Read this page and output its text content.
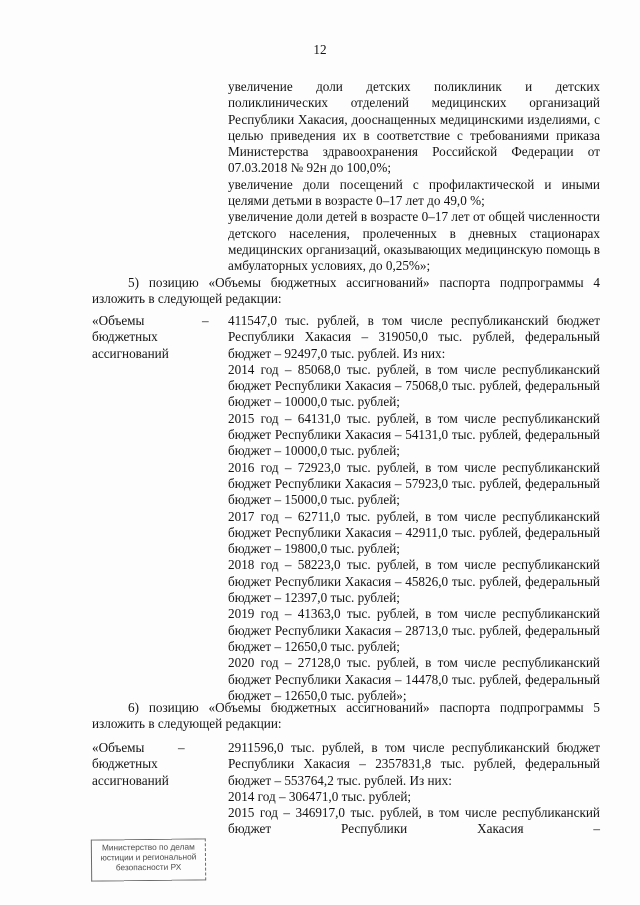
12

увеличение доли детских поликлиник и детских поликлинических отделений медицинских организаций Республики Хакасия, дооснащенных медицинскими изделиями, с целью приведения их в соответствие с требованиями приказа Министерства здравоохранения Российской Федерации от 07.03.2018 № 92н до 100,0%;

увеличение доли посещений с профилактической и иными целями детьми в возрасте 0–17 лет до 49,0 %;

увеличение доли детей в возрасте 0–17 лет от общей численности детского населения, пролеченных в дневных стационарах медицинских организаций, оказывающих медицинскую помощь в амбулаторных условиях, до 0,25%»;

5) позицию «Объемы бюджетных ассигнований» паспорта подпрограммы 4 изложить в следующей редакции:

«Объемы бюджетных ассигнований
– 411547,0 тыс. рублей, в том числе республиканский бюджет Республики Хакасия – 319050,0 тыс. рублей, федеральный бюджет – 92497,0 тыс. рублей. Из них:

2014 год – 85068,0 тыс. рублей, в том числе республиканский бюджет Республики Хакасия – 75068,0 тыс. рублей, федеральный бюджет – 10000,0 тыс. рублей;

2015 год – 64131,0 тыс. рублей, в том числе республиканский бюджет Республики Хакасия – 54131,0 тыс. рублей, федеральный бюджет – 10000,0 тыс. рублей;

2016 год – 72923,0 тыс. рублей, в том числе республиканский бюджет Республики Хакасия – 57923,0 тыс. рублей, федеральный бюджет – 15000,0 тыс. рублей;

2017 год – 62711,0 тыс. рублей, в том числе республиканский бюджет Республики Хакасия – 42911,0 тыс. рублей, федеральный бюджет – 19800,0 тыс. рублей;

2018 год – 58223,0 тыс. рублей, в том числе республиканский бюджет Республики Хакасия – 45826,0 тыс. рублей, федеральный бюджет – 12397,0 тыс. рублей;

2019 год – 41363,0 тыс. рублей, в том числе республиканский бюджет Республики Хакасия – 28713,0 тыс. рублей, федеральный бюджет – 12650,0 тыс. рублей;

2020 год – 27128,0 тыс. рублей, в том числе республиканский бюджет Республики Хакасия – 14478,0 тыс. рублей, федеральный бюджет – 12650,0 тыс. рублей»;

6) позицию «Объемы бюджетных ассигнований» паспорта подпрограммы 5 изложить в следующей редакции:

«Объемы бюджетных ассигнований
–	2911596,0 тыс. рублей, в том числе республиканский бюджет Республики Хакасия – 2357831,8 тыс. рублей, федеральный бюджет – 553764,2 тыс. рублей. Из них:

2014 год – 306471,0 тыс. рублей;

2015 год – 346917,0 тыс. рублей, в том числе республиканский бюджет Республики Хакасия –

Министерство по делам
юстиции и региональной
безопасности РХ
